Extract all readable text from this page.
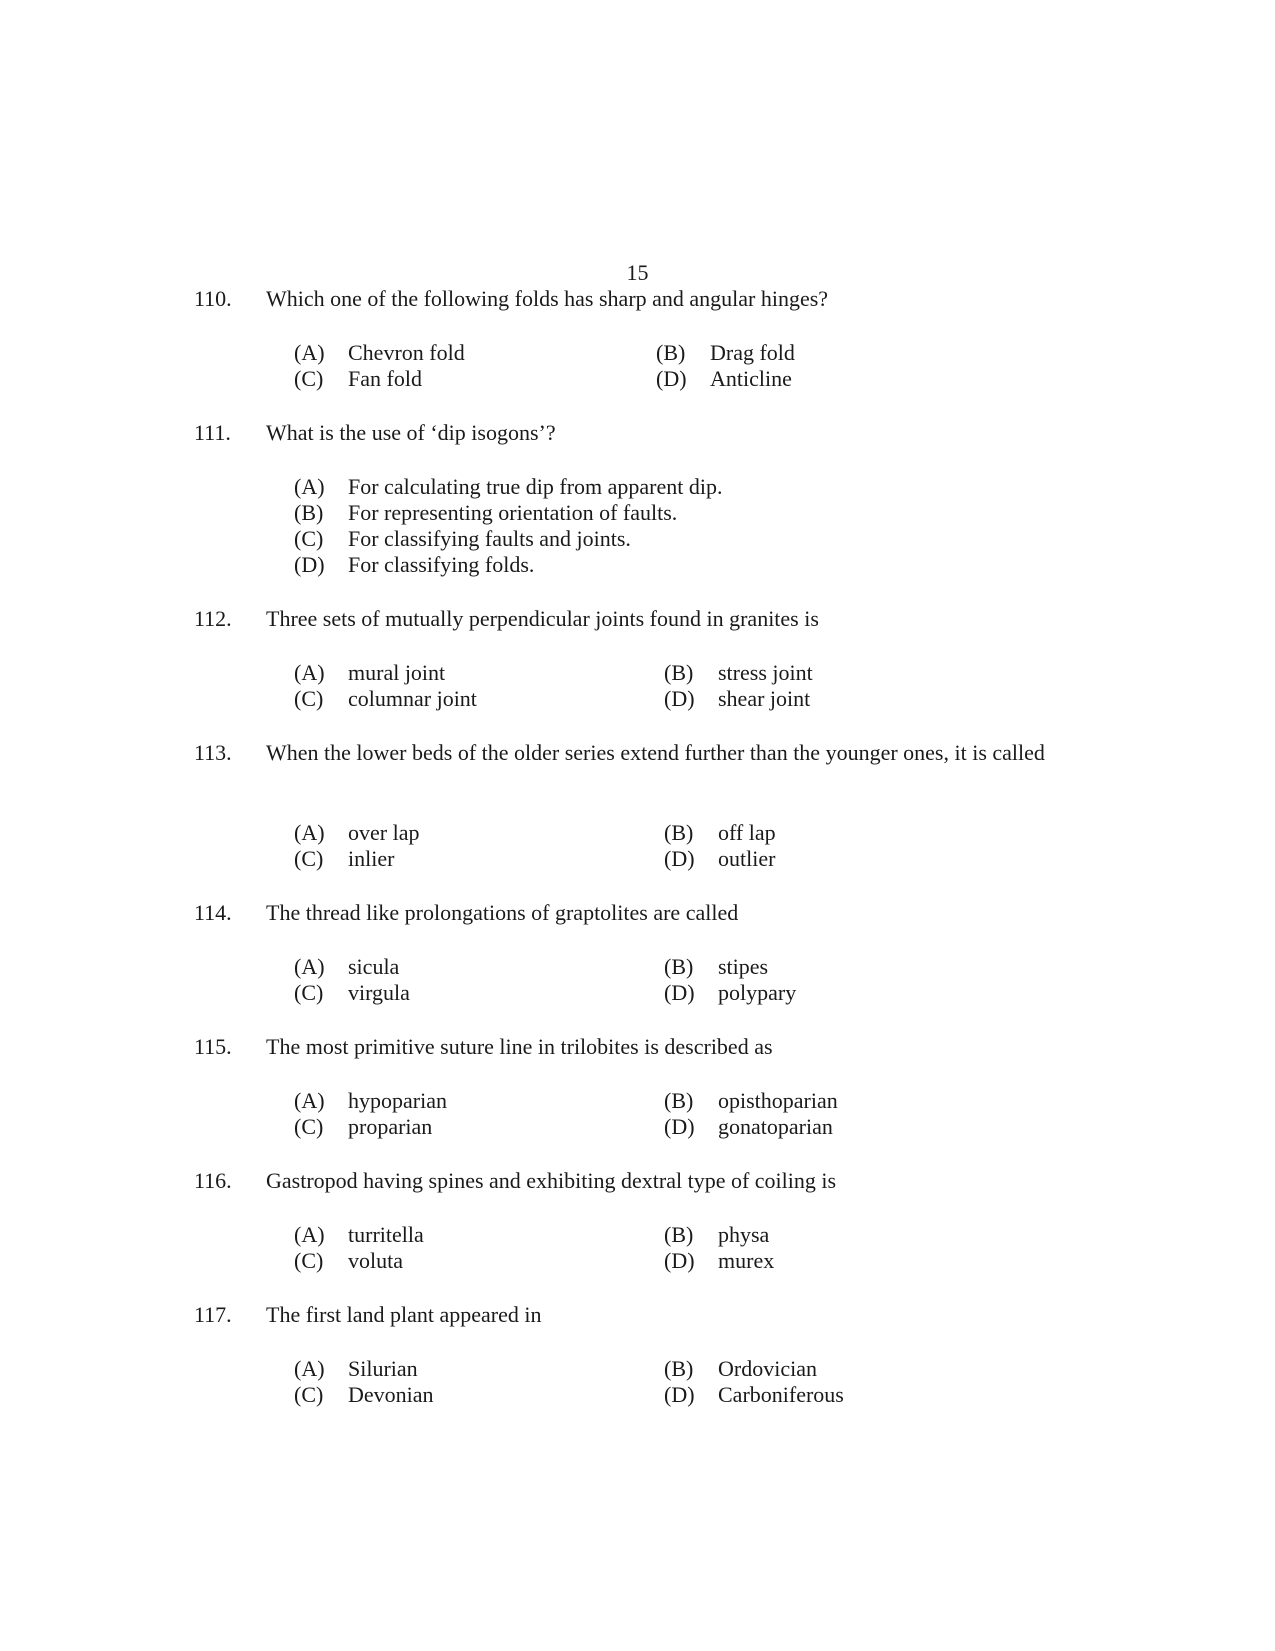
15
110. Which one of the following folds has sharp and angular hinges?
(A) Chevron fold	(B) Drag fold
(C) Fan fold	(D) Anticline
111. What is the use of ‘dip isogons’?
(A) For calculating true dip from apparent dip.
(B) For representing orientation of faults.
(C) For classifying faults and joints.
(D) For classifying folds.
112. Three sets of mutually perpendicular joints found in granites is
(A) mural joint	(B) stress joint
(C) columnar joint	(D) shear joint
113. When the lower beds of the older series extend further than the younger ones, it is called
(A) over lap	(B) off lap
(C) inlier	(D) outlier
114. The thread like prolongations of graptolites are called
(A) sicula	(B) stipes
(C) virgula	(D) polypary
115. The most primitive suture line in trilobites is described as
(A) hypoparian	(B) opisthoparian
(C) proparian	(D) gonatoparian
116. Gastropod having spines and exhibiting dextral type of coiling is
(A) turritella	(B) physa
(C) voluta	(D) murex
117. The first land plant appeared in
(A) Silurian	(B) Ordovician
(C) Devonian	(D) Carboniferous
